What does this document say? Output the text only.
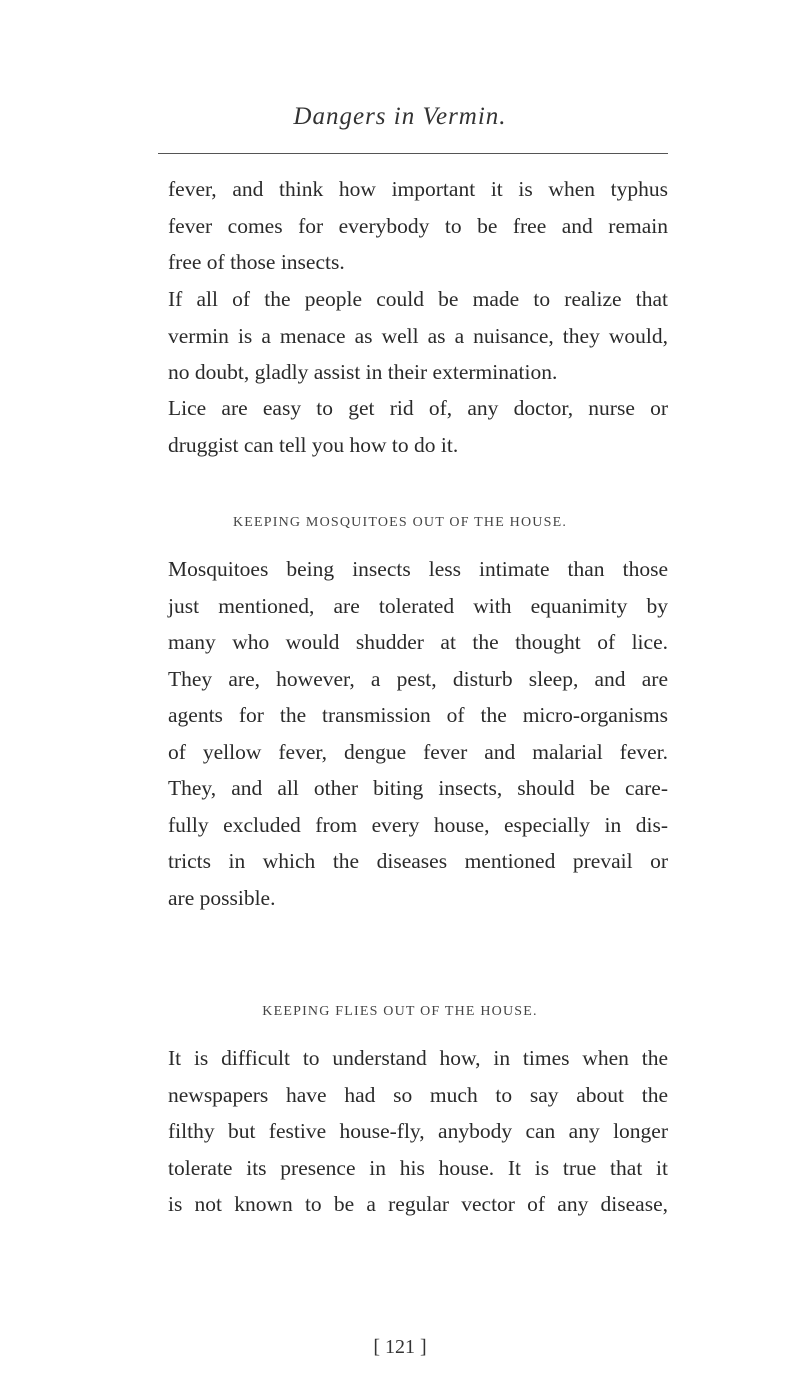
Dangers in Vermin.
fever, and think how important it is when typhus
fever comes for everybody to be free and remain
free of those insects.
If all of the people could be made to realize that
vermin is a menace as well as a nuisance, they would,
no doubt, gladly assist in their extermination.
Lice are easy to get rid of, any doctor, nurse or
druggist can tell you how to do it.
KEEPING MOSQUITOES OUT OF THE HOUSE.
Mosquitoes being insects less intimate than those
just mentioned, are tolerated with equanimity by
many who would shudder at the thought of lice.
They are, however, a pest, disturb sleep, and are
agents for the transmission of the micro-organisms
of yellow fever, dengue fever and malarial fever.
They, and all other biting insects, should be care-
fully excluded from every house, especially in dis-
tricts in which the diseases mentioned prevail or
are possible.
KEEPING FLIES OUT OF THE HOUSE.
It is difficult to understand how, in times when the
newspapers have had so much to say about the
filthy but festive house-fly, anybody can any longer
tolerate its presence in his house. It is true that it
is not known to be a regular vector of any disease,
[ 121 ]
